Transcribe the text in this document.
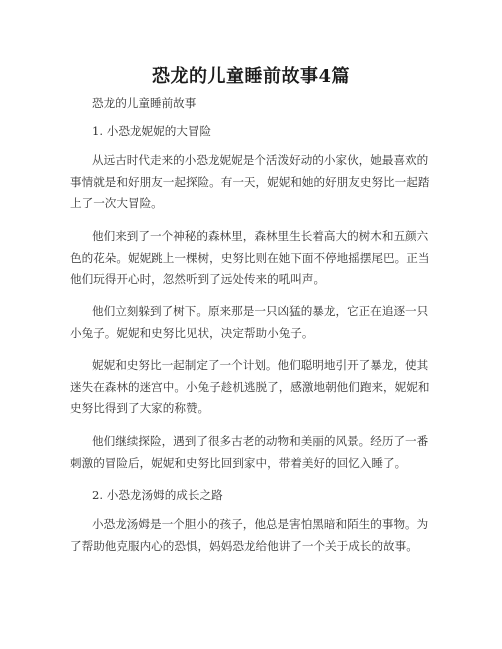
恐龙的儿童睡前故事4篇

恐龙的儿童睡前故事

1. 小恐龙妮妮的大冒险

从远古时代走来的小恐龙妮妮是个活泼好动的小家伙，她最喜欢的事情就是和好朋友一起探险。有一天，妮妮和她的好朋友史努比一起踏上了一次大冒险。

他们来到了一个神秘的森林里，森林里生长着高大的树木和五颜六色的花朵。妮妮跳上一棵树，史努比则在她下面不停地摇摆尾巴。正当他们玩得开心时，忽然听到了远处传来的吼叫声。

他们立刻躲到了树下。原来那是一只凶猛的暴龙，它正在追逐一只小兔子。妮妮和史努比见状，决定帮助小兔子。

妮妮和史努比一起制定了一个计划。他们聪明地引开了暴龙，使其迷失在森林的迷宫中。小兔子趁机逃脱了，感激地朝他们跑来，妮妮和史努比得到了大家的称赞。

他们继续探险，遇到了很多古老的动物和美丽的风景。经历了一番刺激的冒险后，妮妮和史努比回到家中，带着美好的回忆入睡了。

2. 小恐龙汤姆的成长之路

小恐龙汤姆是一个胆小的孩子，他总是害怕黑暗和陌生的事物。为了帮助他克服内心的恐惧，妈妈恐龙给他讲了一个关于成长的故事。
